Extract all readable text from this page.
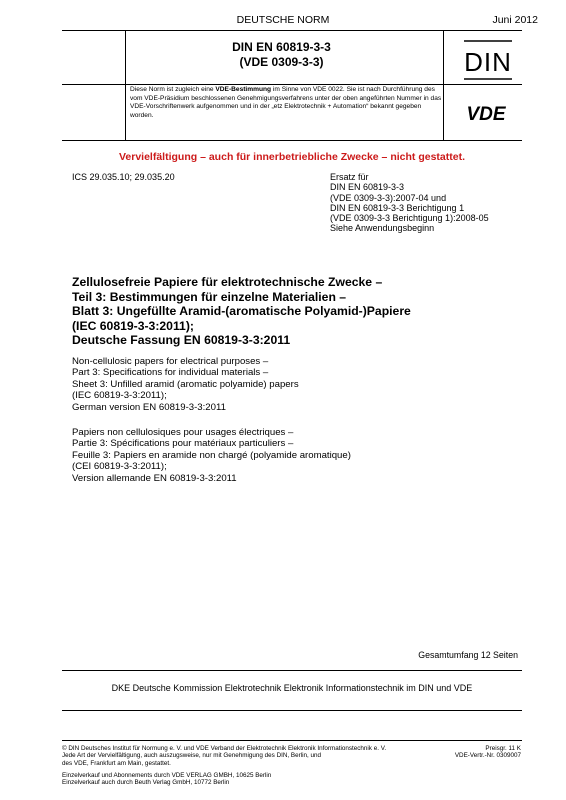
DEUTSCHE NORM	Juni 2012
DIN EN 60819-3-3
(VDE 0309-3-3)	DIN
Diese Norm ist zugleich eine VDE-Bestimmung im Sinne von VDE 0022. Sie ist nach Durchführung des vom VDE-Präsidium beschlossenen Genehmigungsverfahrens unter der oben angeführten Nummer in das VDE-Vorschriftenwerk aufgenommen und in der „etz Elektrotechnik + Automation“ bekannt gegeben worden.	VDE
Vervielfältigung – auch für innerbetriebliche Zwecke – nicht gestattet.
ICS 29.035.10; 29.035.20	Ersatz für
DIN EN 60819-3-3
(VDE 0309-3-3):2007-04 und
DIN EN 60819-3-3 Berichtigung 1
(VDE 0309-3-3 Berichtigung 1):2008-05
Siehe Anwendungsbeginn
Zellulosefreie Papiere für elektrotechnische Zwecke –
Teil 3: Bestimmungen für einzelne Materialien –
Blatt 3: Ungefüllte Aramid-(aromatische Polyamid-)Papiere
(IEC 60819-3-3:2011);
Deutsche Fassung EN 60819-3-3:2011
Non-cellulosic papers for electrical purposes –
Part 3: Specifications for individual materials –
Sheet 3: Unfilled aramid (aromatic polyamide) papers
(IEC 60819-3-3:2011);
German version EN 60819-3-3:2011
Papiers non cellulosiques pour usages électriques –
Partie 3: Spécifications pour matériaux particuliers –
Feuille 3: Papiers en aramide non chargé (polyamide aromatique)
(CEI 60819-3-3:2011);
Version allemande EN 60819-3-3:2011
Gesamtumfang 12 Seiten
DKE Deutsche Kommission Elektrotechnik Elektronik Informationstechnik im DIN und VDE
© DIN Deutsches Institut für Normung e. V. und VDE Verband der Elektrotechnik Elektronik Informationstechnik e. V.
Jede Art der Vervielfältigung, auch auszugsweise, nur mit Genehmigung des DIN, Berlin, und
des VDE, Frankfurt am Main, gestattet.
Preisgr. 11 K
VDE-Vertr.-Nr. 0309007
Einzelverkauf und Abonnements durch VDE VERLAG GMBH, 10625 Berlin
Einzelverkauf auch durch Beuth Verlag GmbH, 10772 Berlin
